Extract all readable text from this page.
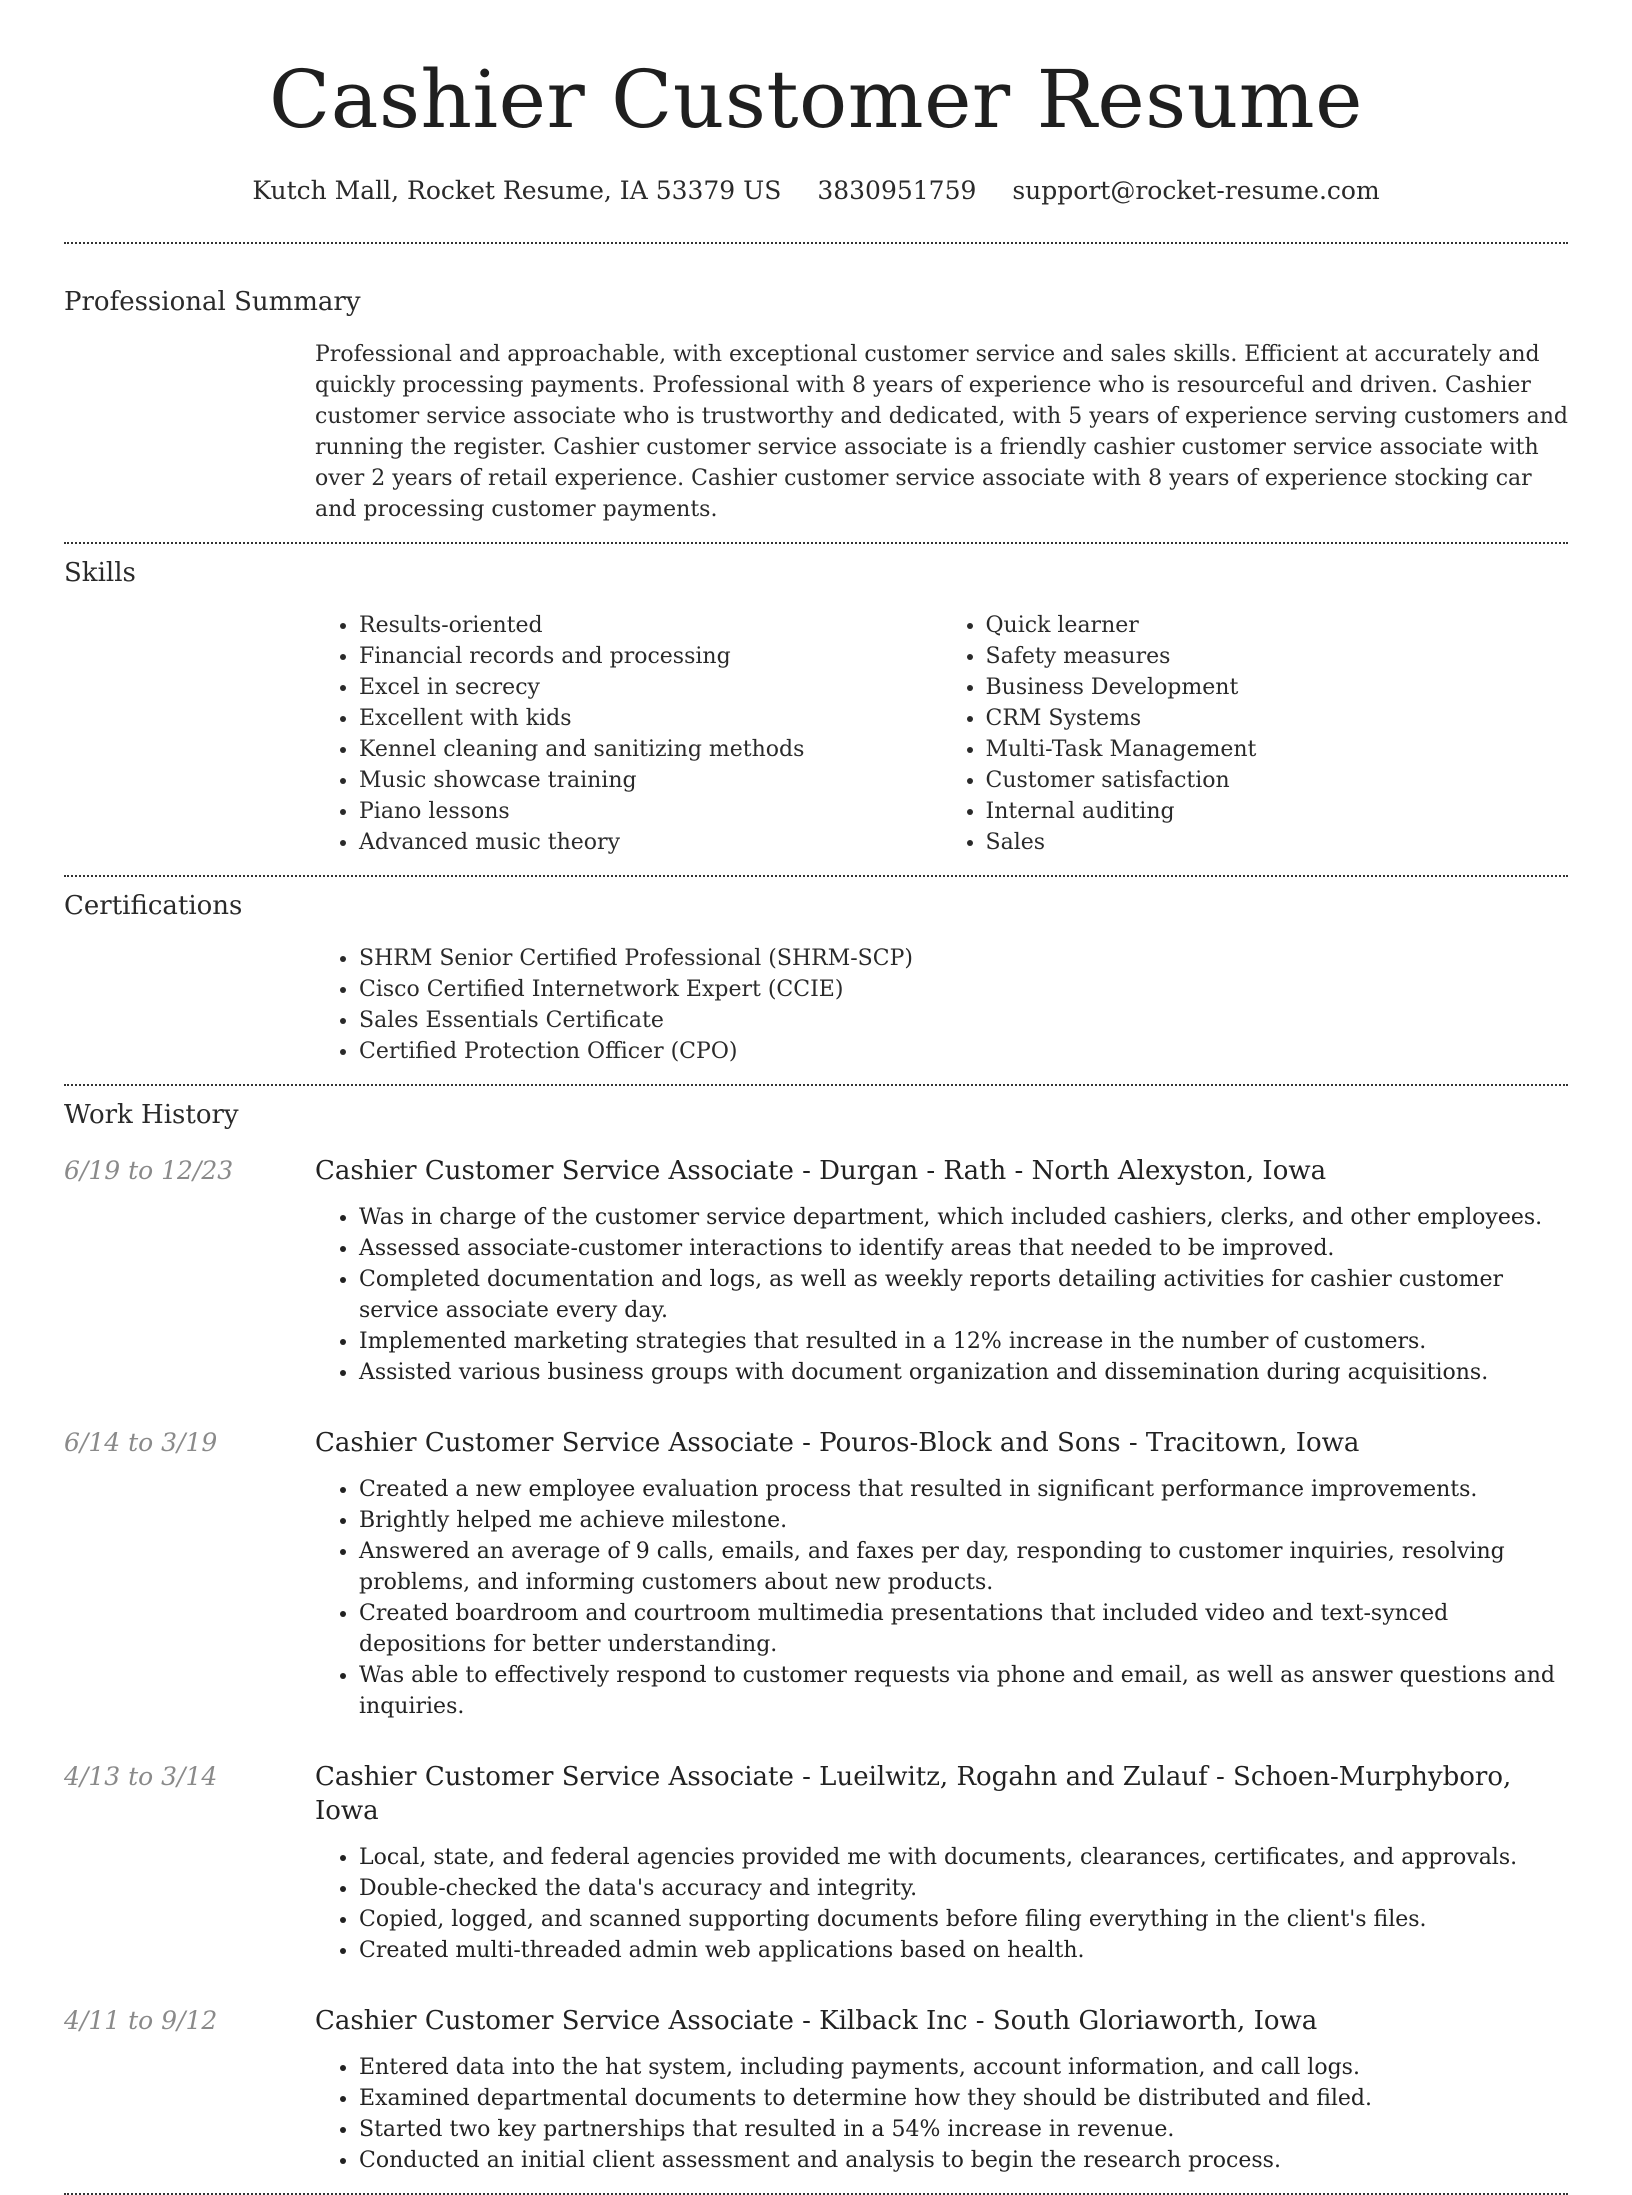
Cashier Customer Resume
Kutch Mall, Rocket Resume, IA 53379 US 3830951759 support@rocket-resume.com
Professional Summary

Professional and approachable, with exceptional customer service and sales skills. Efficient at accurately and quickly processing payments. Professional with 8 years of experience who is resourceful and driven. Cashier customer service associate who is trustworthy and dedicated, with 5 years of experience serving customers and running the register. Cashier customer service associate is a friendly cashier customer service associate with over 2 years of retail experience. Cashier customer service associate with 8 years of experience stocking car and processing customer payments.

Skills
• Results-oriented
• Financial records and processing
• Excel in secrecy
• Excellent with kids
• Kennel cleaning and sanitizing methods
• Music showcase training
• Piano lessons
• Advanced music theory
• Quick learner
• Safety measures
• Business Development
• CRM Systems
• Multi-Task Management
• Customer satisfaction
• Internal auditing
• Sales
Certifications
• SHRM Senior Certified Professional (SHRM-SCP)
• Cisco Certified Internetwork Expert (CCIE)
• Sales Essentials Certificate
• Certified Protection Officer (CPO)
Work History
6/19 to 12/23	Cashier Customer Service Associate - Durgan - Rath - North Alexyston, Iowa
• Was in charge of the customer service department, which included cashiers, clerks, and other employees.
• Assessed associate-customer interactions to identify areas that needed to be improved.
• Completed documentation and logs, as well as weekly reports detailing activities for cashier customer service associate every day.
• Implemented marketing strategies that resulted in a 12% increase in the number of customers.
• Assisted various business groups with document organization and dissemination during acquisitions.
6/14 to 3/19	Cashier Customer Service Associate - Pouros-Block and Sons - Tracitown, Iowa
• Created a new employee evaluation process that resulted in significant performance improvements.
• Brightly helped me achieve milestone.
• Answered an average of 9 calls, emails, and faxes per day, responding to customer inquiries, resolving problems, and informing customers about new products.
• Created boardroom and courtroom multimedia presentations that included video and text-synced depositions for better understanding.
• Was able to effectively respond to customer requests via phone and email, as well as answer questions and inquiries.
4/13 to 3/14	Cashier Customer Service Associate - Lueilwitz, Rogahn and Zulauf - Schoen-Murphyboro, Iowa
• Local, state, and federal agencies provided me with documents, clearances, certificates, and approvals.
• Double-checked the data's accuracy and integrity.
• Copied, logged, and scanned supporting documents before filing everything in the client's files.
• Created multi-threaded admin web applications based on health.
4/11 to 9/12	Cashier Customer Service Associate - Kilback Inc - South Gloriaworth, Iowa
• Entered data into the hat system, including payments, account information, and call logs.
• Examined departmental documents to determine how they should be distributed and filed.
• Started two key partnerships that resulted in a 54% increase in revenue.
• Conducted an initial client assessment and analysis to begin the research process.
